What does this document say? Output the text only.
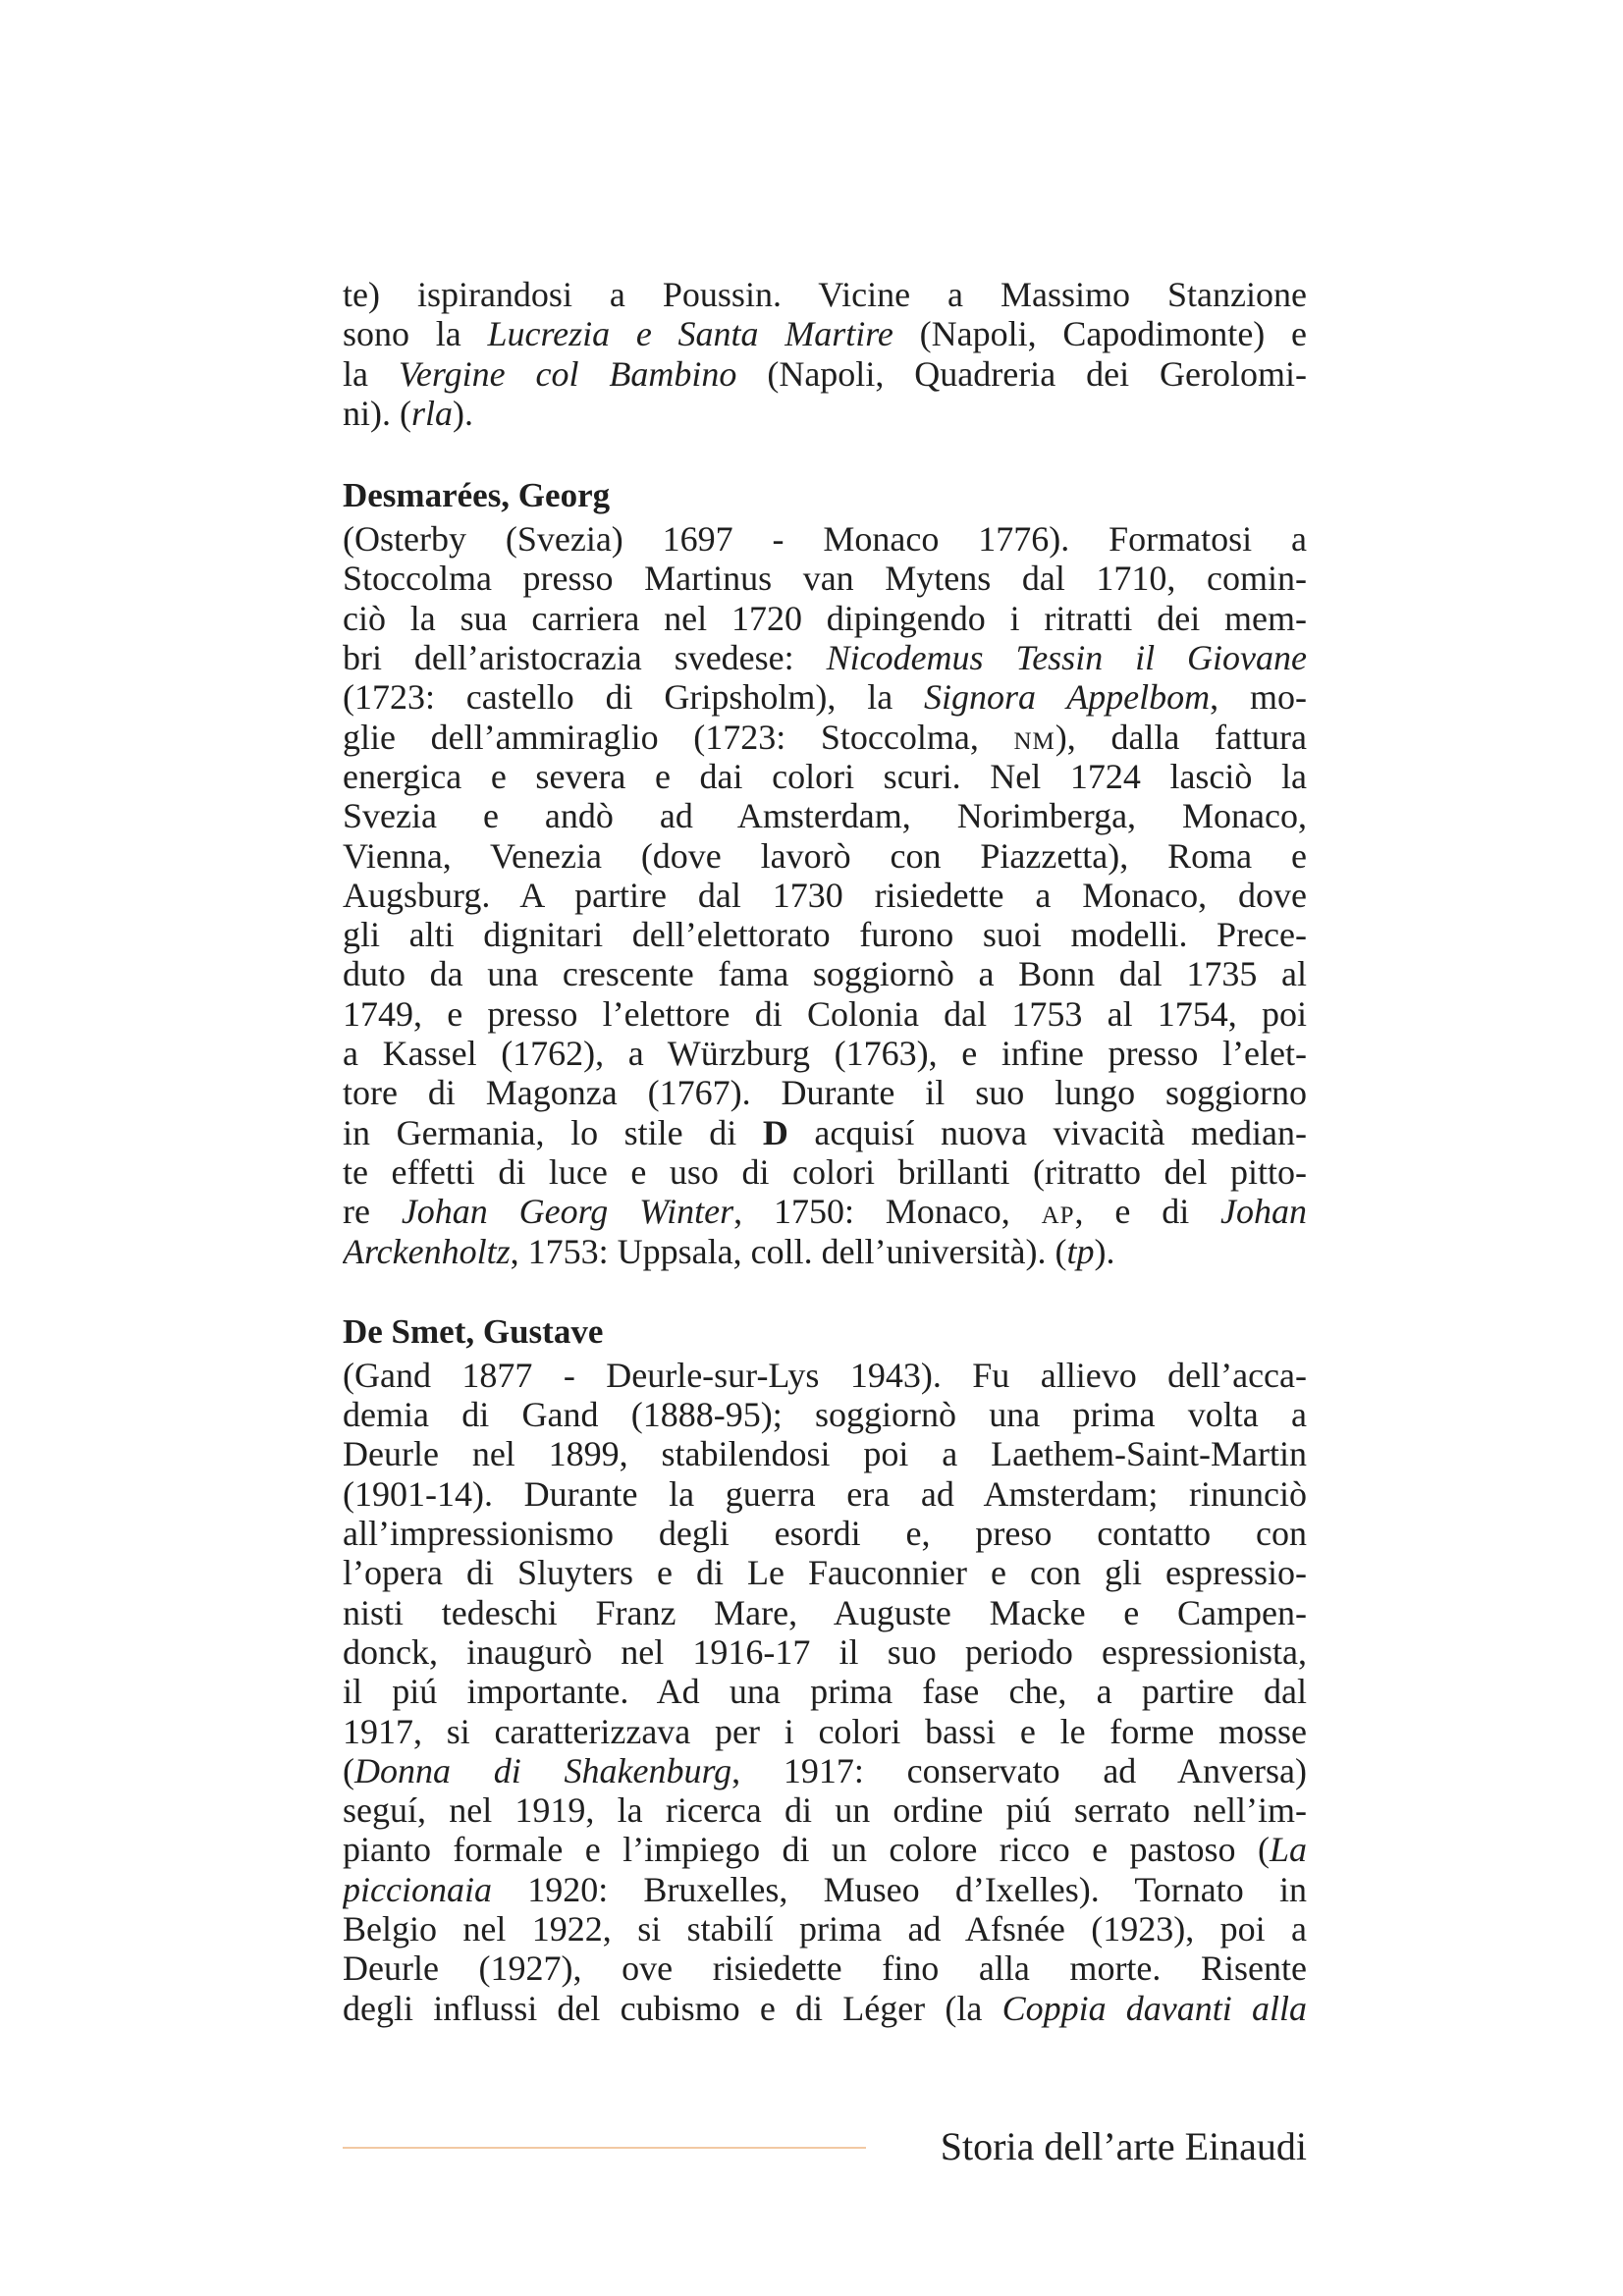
te) ispirandosi a Poussin. Vicine a Massimo Stanzione
sono la Lucrezia e Santa Martire (Napoli, Capodimonte) e
la Vergine col Bambino (Napoli, Quadreria dei Gerolomi-
ni). (rla).
Desmarées, Georg
(Osterby (Svezia) 1697 - Monaco 1776). Formatosi a
Stoccolma presso Martinus van Mytens dal 1710, comin-
ciò la sua carriera nel 1720 dipingendo i ritratti dei mem-
bri dell’aristocrazia svedese: Nicodemus Tessin il Giovane
(1723: castello di Gripsholm), la Signora Appelbom, mo-
glie dell’ammiraglio (1723: Stoccolma, NM), dalla fattura
energica e severa e dai colori scuri. Nel 1724 lasciò la
Svezia e andò ad Amsterdam, Norimberga, Monaco,
Vienna, Venezia (dove lavorò con Piazzetta), Roma e
Augsburg. A partire dal 1730 risiedette a Monaco, dove
gli alti dignitari dell’elettorato furono suoi modelli. Prece-
duto da una crescente fama soggiornò a Bonn dal 1735 al
1749, e presso l’elettore di Colonia dal 1753 al 1754, poi
a Kassel (1762), a Würzburg (1763), e infine presso l’elet-
tore di Magonza (1767). Durante il suo lungo soggiorno
in Germania, lo stile di D acquisí nuova vivacità median-
te effetti di luce e uso di colori brillanti (ritratto del pitto-
re Johan Georg Winter, 1750: Monaco, AP, e di Johan
Arckenholtz, 1753: Uppsala, coll. dell’università). (tp).
De Smet, Gustave
(Gand 1877 - Deurle-sur-Lys 1943). Fu allievo dell’acca-
demia di Gand (1888-95); soggiornò una prima volta a
Deurle nel 1899, stabilendosi poi a Laethem-Saint-Martin
(1901-14). Durante la guerra era ad Amsterdam; rinunciò
all’impressionismo degli esordi e, preso contatto con
l’opera di Sluyters e di Le Fauconnier e con gli espressio-
nisti tedeschi Franz Mare, Auguste Macke e Campen-
donck, inaugurò nel 1916-17 il suo periodo espressionista,
il piú importante. Ad una prima fase che, a partire dal
1917, si caratterizzava per i colori bassi e le forme mosse
(Donna di Shakenburg, 1917: conservato ad Anversa)
seguí, nel 1919, la ricerca di un ordine piú serrato nell’im-
pianto formale e l’impiego di un colore ricco e pastoso (La
piccionaia 1920: Bruxelles, Museo d’Ixelles). Tornato in
Belgio nel 1922, si stabilí prima ad Afsnée (1923), poi a
Deurle (1927), ove risiedette fino alla morte. Risente
degli influssi del cubismo e di Léger (la Coppia davanti alla
Storia dell’arte Einaudi
